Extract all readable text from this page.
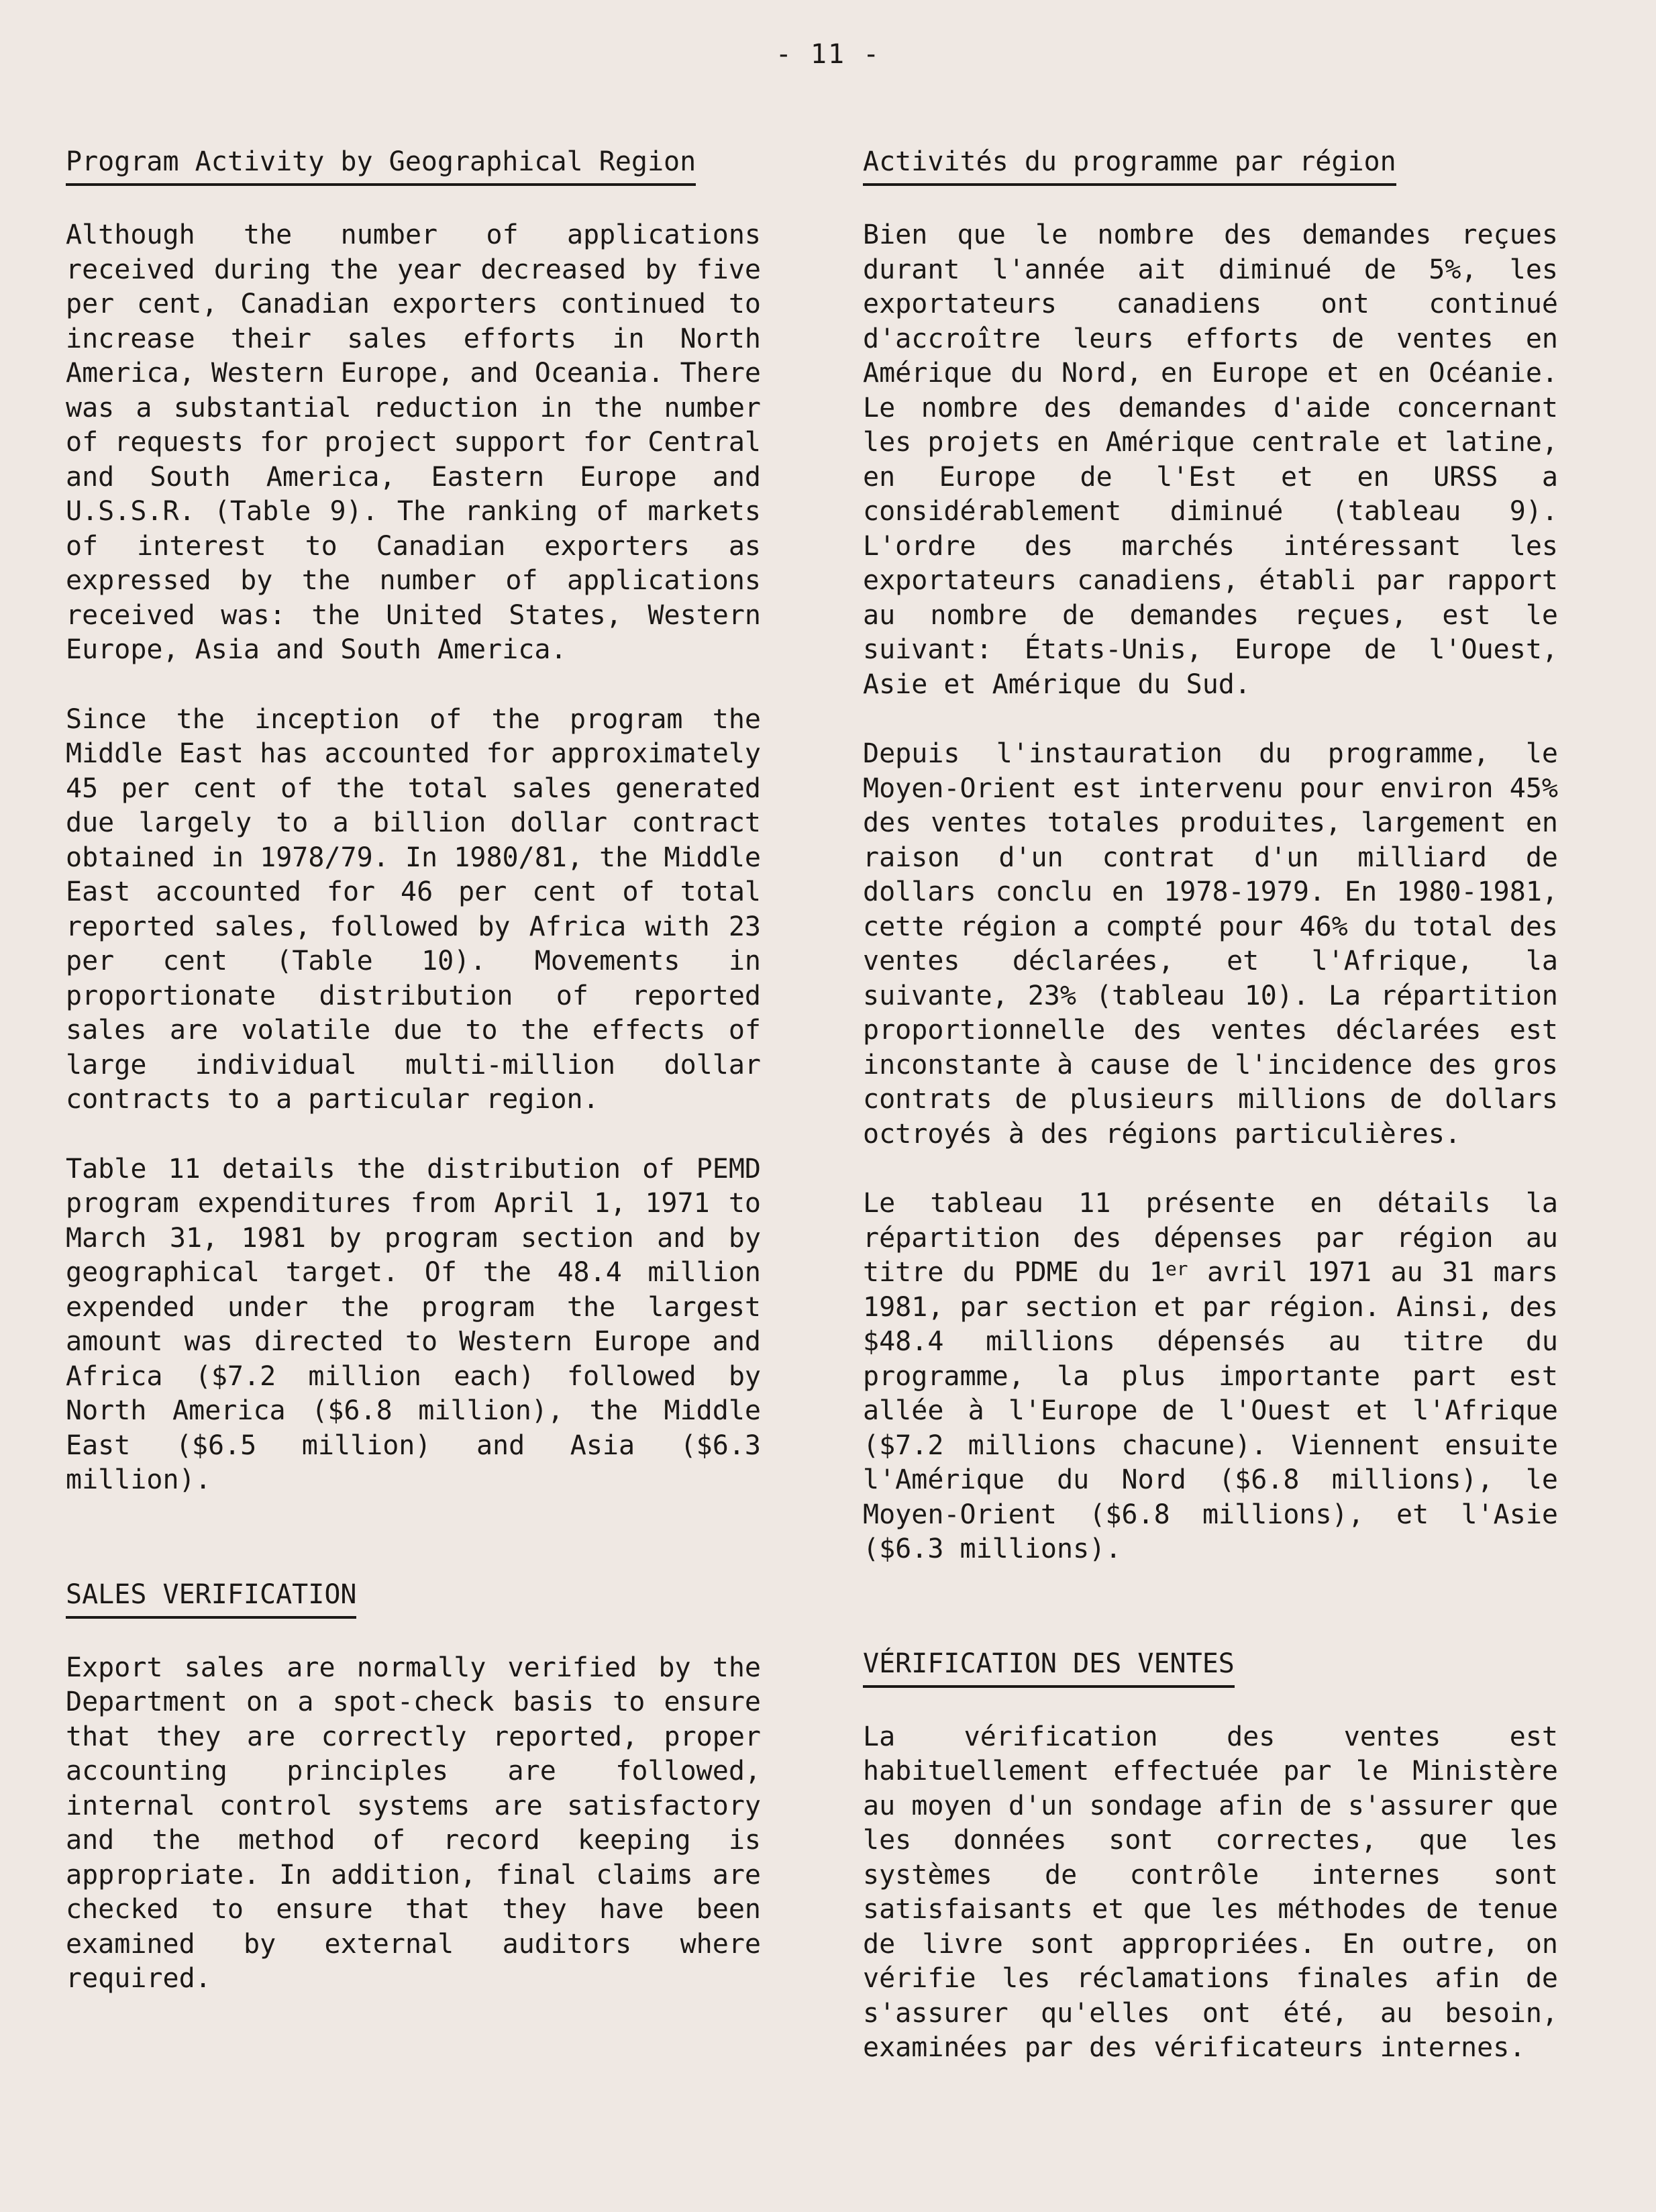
- 11 -
Program Activity by Geographical Region

Although the number of applications received during the year decreased by five per cent, Canadian exporters continued to increase their sales efforts in North America, Western Europe, and Oceania. There was a substantial reduction in the number of requests for project support for Central and South America, Eastern Europe and U.S.S.R. (Table 9). The ranking of markets of interest to Canadian exporters as expressed by the number of applications received was: the United States, Western Europe, Asia and South America.

Since the inception of the program the Middle East has accounted for approximately 45 per cent of the total sales generated due largely to a billion dollar contract obtained in 1978/79. In 1980/81, the Middle East accounted for 46 per cent of total reported sales, followed by Africa with 23 per cent (Table 10). Movements in proportionate distribution of reported sales are volatile due to the effects of large individual multi-million dollar contracts to a particular region.

Table 11 details the distribution of PEMD program expenditures from April 1, 1971 to March 31, 1981 by program section and by geographical target. Of the 48.4 million expended under the program the largest amount was directed to Western Europe and Africa ($7.2 million each) followed by North America ($6.8 million), the Middle East ($6.5 million) and Asia ($6.3 million).

SALES VERIFICATION

Export sales are normally verified by the Department on a spot-check basis to ensure that they are correctly reported, proper accounting principles are followed, internal control systems are satisfactory and the method of record keeping is appropriate. In addition, final claims are checked to ensure that they have been examined by external auditors where required.

Activités du programme par région

Bien que le nombre des demandes reçues durant l'année ait diminué de 5%, les exportateurs canadiens ont continué d'accroître leurs efforts de ventes en Amérique du Nord, en Europe et en Océanie. Le nombre des demandes d'aide concernant les projets en Amérique centrale et latine, en Europe de l'Est et en URSS a considérablement diminué (tableau 9). L'ordre des marchés intéressant les exportateurs canadiens, établi par rapport au nombre de demandes reçues, est le suivant: États-Unis, Europe de l'Ouest, Asie et Amérique du Sud.

Depuis l'instauration du programme, le Moyen-Orient est intervenu pour environ 45% des ventes totales produites, largement en raison d'un contrat d'un milliard de dollars conclu en 1978-1979. En 1980-1981, cette région a compté pour 46% du total des ventes déclarées, et l'Afrique, la suivante, 23% (tableau 10). La répartition proportionnelle des ventes déclarées est inconstante à cause de l'incidence des gros contrats de plusieurs millions de dollars octroyés à des régions particulières.

Le tableau 11 présente en détails la répartition des dépenses par région au titre du PDME du 1er avril 1971 au 31 mars 1981, par section et par région. Ainsi, des $48.4 millions dépensés au titre du programme, la plus importante part est allée à l'Europe de l'Ouest et l'Afrique ($7.2 millions chacune). Viennent ensuite l'Amérique du Nord ($6.8 millions), le Moyen-Orient ($6.8 millions), et l'Asie ($6.3 millions).

VÉRIFICATION DES VENTES

La vérification des ventes est habituellement effectuée par le Ministère au moyen d'un sondage afin de s'assurer que les données sont correctes, que les systèmes de contrôle internes sont satisfaisants et que les méthodes de tenue de livre sont appropriées. En outre, on vérifie les réclamations finales afin de s'assurer qu'elles ont été, au besoin, examinées par des vérificateurs internes.
